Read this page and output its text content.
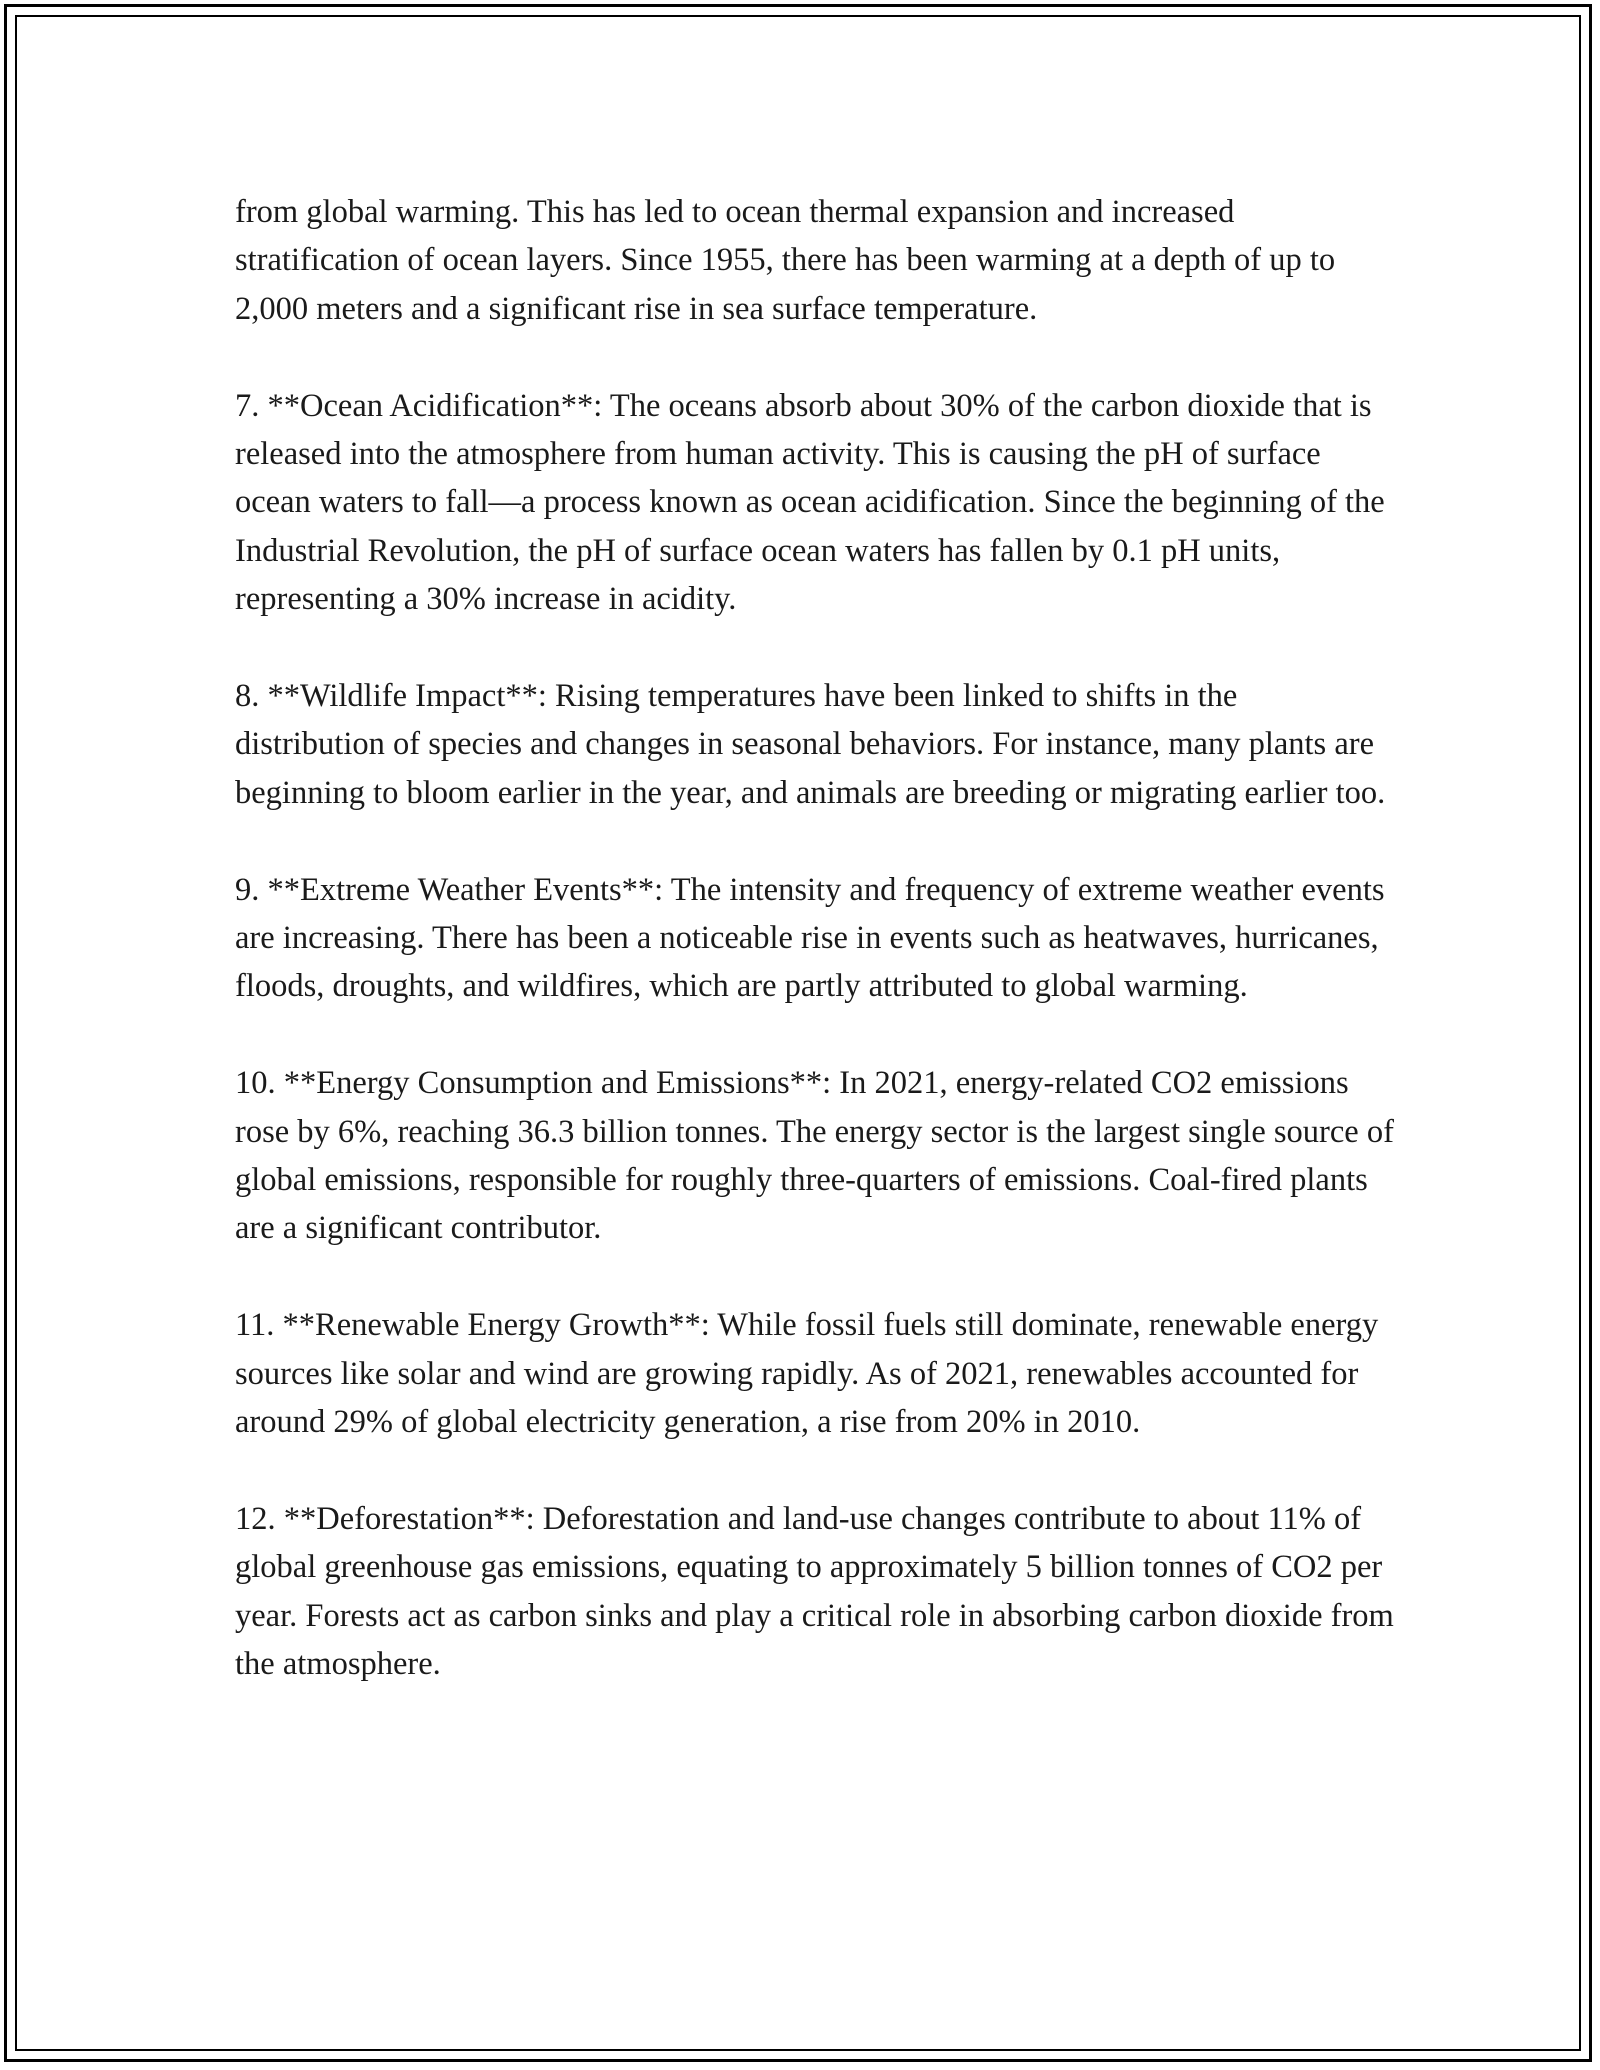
from global warming. This has led to ocean thermal expansion and increased stratification of ocean layers. Since 1955, there has been warming at a depth of up to 2,000 meters and a significant rise in sea surface temperature.

7. **Ocean Acidification**: The oceans absorb about 30% of the carbon dioxide that is released into the atmosphere from human activity. This is causing the pH of surface ocean waters to fall—a process known as ocean acidification. Since the beginning of the Industrial Revolution, the pH of surface ocean waters has fallen by 0.1 pH units, representing a 30% increase in acidity.

8. **Wildlife Impact**: Rising temperatures have been linked to shifts in the distribution of species and changes in seasonal behaviors. For instance, many plants are beginning to bloom earlier in the year, and animals are breeding or migrating earlier too.

9. **Extreme Weather Events**: The intensity and frequency of extreme weather events are increasing. There has been a noticeable rise in events such as heatwaves, hurricanes, floods, droughts, and wildfires, which are partly attributed to global warming.

10. **Energy Consumption and Emissions**: In 2021, energy-related CO2 emissions rose by 6%, reaching 36.3 billion tonnes. The energy sector is the largest single source of global emissions, responsible for roughly three-quarters of emissions. Coal-fired plants are a significant contributor.

11. **Renewable Energy Growth**: While fossil fuels still dominate, renewable energy sources like solar and wind are growing rapidly. As of 2021, renewables accounted for around 29% of global electricity generation, a rise from 20% in 2010.

12. **Deforestation**: Deforestation and land-use changes contribute to about 11% of global greenhouse gas emissions, equating to approximately 5 billion tonnes of CO2 per year. Forests act as carbon sinks and play a critical role in absorbing carbon dioxide from the atmosphere.
